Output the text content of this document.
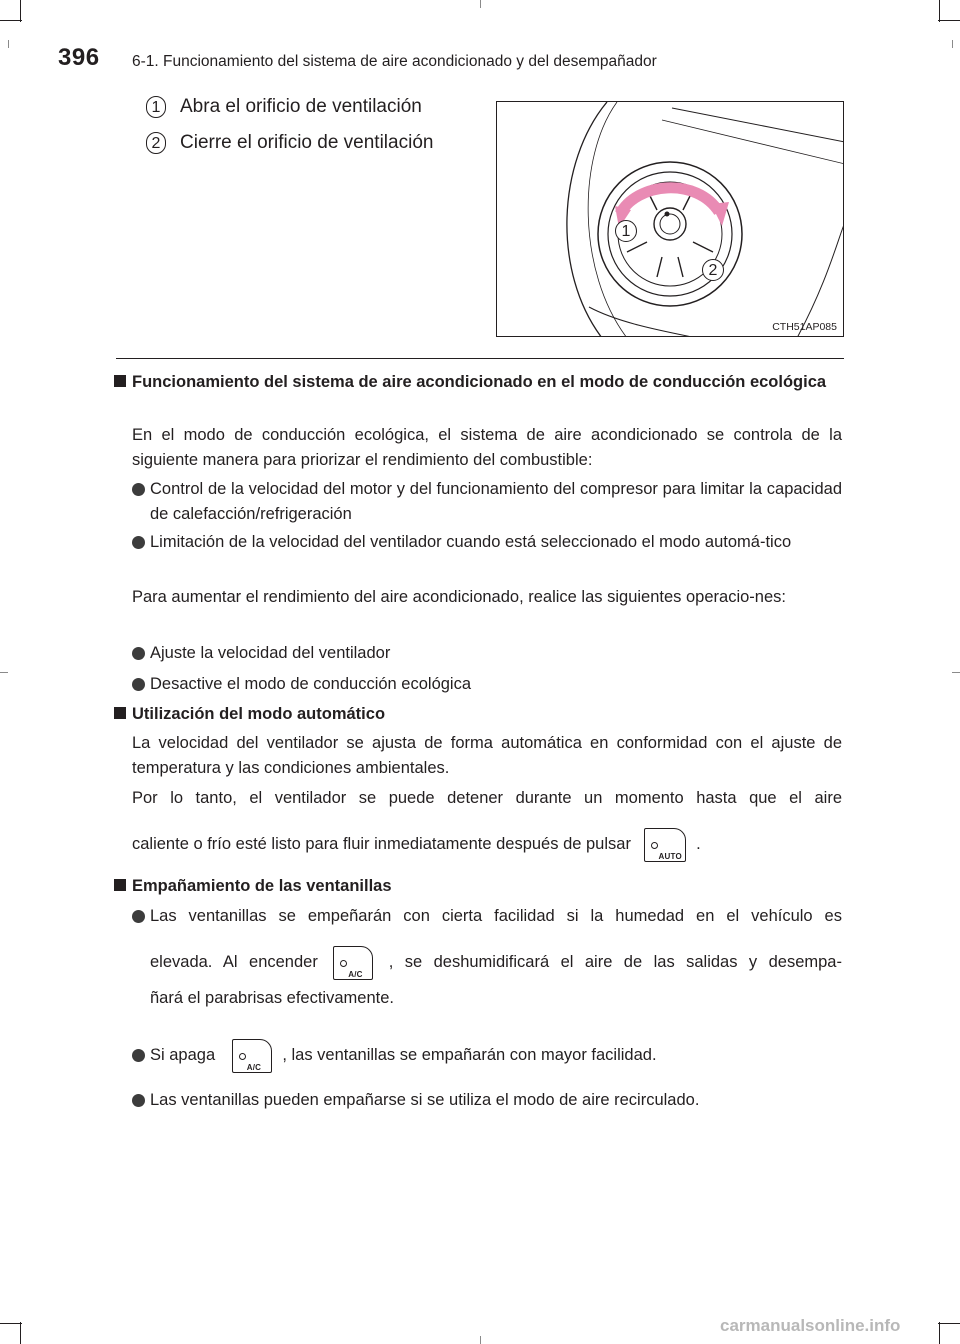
396 6-1. Funcionamiento del sistema de aire acondicionado y del desempañador
1 Abra el orificio de ventilación
2 Cierre el orificio de ventilación
1
2
CTH51AP085
Funcionamiento del sistema de aire acondicionado en el modo de conducción ecológica
En el modo de conducción ecológica, el sistema de aire acondicionado se controla de la siguiente manera para priorizar el rendimiento del combustible:
Control de la velocidad del motor y del funcionamiento del compresor para limitar la capacidad de calefacción/refrigeración
Limitación de la velocidad del ventilador cuando está seleccionado el modo automá-tico
Para aumentar el rendimiento del aire acondicionado, realice las siguientes operacio-nes:
Ajuste la velocidad del ventilador
Desactive el modo de conducción ecológica
Utilización del modo automático
La velocidad del ventilador se ajusta de forma automática en conformidad con el ajuste de temperatura y las condiciones ambientales.
Por lo tanto, el ventilador se puede detener durante un momento hasta que el aire
caliente o frío esté listo para fluir inmediatamente después de pulsar
AUTO
.
Empañamiento de las ventanillas
Las ventanillas se empeñarán con cierta facilidad si la humedad en el vehículo es
elevada. Al encender
A/C
, se deshumidificará el aire de las salidas y desempa-
ñará el parabrisas efectivamente.
Si apaga
A/C
, las ventanillas se empañarán con mayor facilidad.
Las ventanillas pueden empañarse si se utiliza el modo de aire recirculado.
carmanualsonline.info
